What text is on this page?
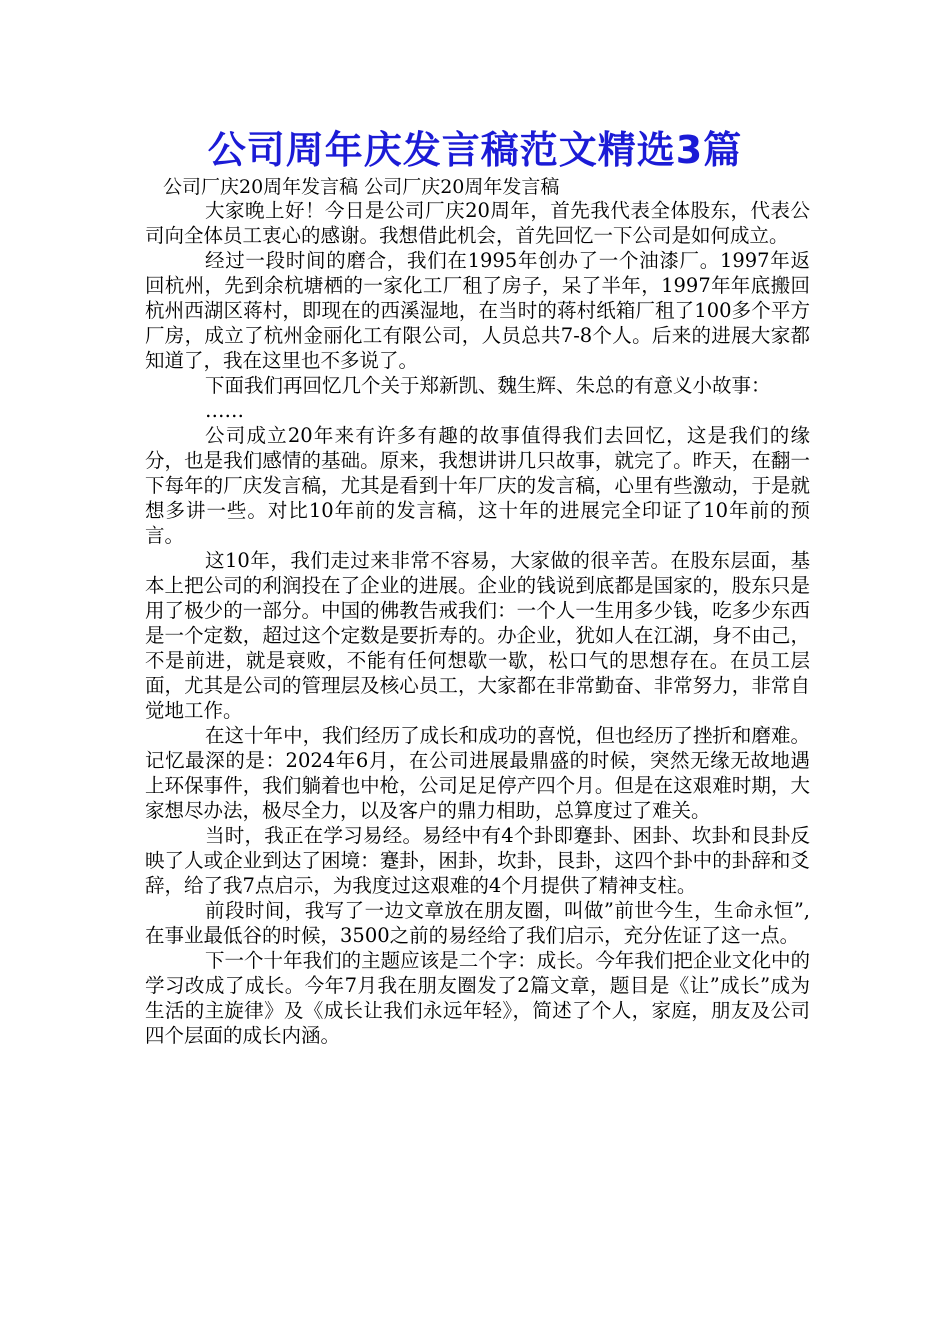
公司周年庆发言稿范文精选3篇

公司厂庆20周年发言稿 公司厂庆20周年发言稿

大家晚上好！今日是公司厂庆20周年，首先我代表全体股东，代表公司向全体员工衷心的感谢。我想借此机会，首先回忆一下公司是如何成立。

经过一段时间的磨合，我们在1995年创办了一个油漆厂。1997年返回杭州，先到余杭塘栖的一家化工厂租了房子，呆了半年，1997年年底搬回杭州西湖区蒋村，即现在的西溪湿地，在当时的蒋村纸箱厂租了100多个平方厂房，成立了杭州金丽化工有限公司，人员总共7-8个人。后来的进展大家都知道了，我在这里也不多说了。

下面我们再回忆几个关于郑新凯、魏生辉、朱总的有意义小故事：

……

公司成立20年来有许多有趣的故事值得我们去回忆，这是我们的缘分，也是我们感情的基础。原来，我想讲讲几只故事，就完了。昨天，在翻一下每年的厂庆发言稿，尤其是看到十年厂庆的发言稿，心里有些激动，于是就想多讲一些。对比10年前的发言稿，这十年的进展完全印证了10年前的预言。

这10年，我们走过来非常不容易，大家做的很辛苦。在股东层面，基本上把公司的利润投在了企业的进展。企业的钱说到底都是国家的，股东只是用了极少的一部分。中国的佛教告戒我们：一个人一生用多少钱，吃多少东西是一个定数，超过这个定数是要折寿的。办企业，犹如人在江湖，身不由己，不是前进，就是衰败，不能有任何想歇一歇，松口气的思想存在。在员工层面，尤其是公司的管理层及核心员工，大家都在非常勤奋、非常努力，非常自觉地工作。

在这十年中，我们经历了成长和成功的喜悦，但也经历了挫折和磨难。记忆最深的是：2024年6月，在公司进展最鼎盛的时候，突然无缘无故地遇上环保事件，我们躺着也中枪，公司足足停产四个月。但是在这艰难时期，大家想尽办法，极尽全力，以及客户的鼎力相助，总算度过了难关。

当时，我正在学习易经。易经中有4个卦即蹇卦、困卦、坎卦和艮卦反映了人或企业到达了困境：蹇卦，困卦，坎卦，艮卦，这四个卦中的卦辞和爻辞，给了我7点启示，为我度过这艰难的4个月提供了精神支柱。

前段时间，我写了一边文章放在朋友圈，叫做”前世今生，生命永恒”,在事业最低谷的时候，3500之前的易经给了我们启示，充分佐证了这一点。

下一个十年我们的主题应该是二个字：成长。今年我们把企业文化中的学习改成了成长。今年7月我在朋友圈发了2篇文章，题目是《让”成长”成为生活的主旋律》及《成长让我们永远年轻》，简述了个人，家庭，朋友及公司四个层面的成长内涵。
